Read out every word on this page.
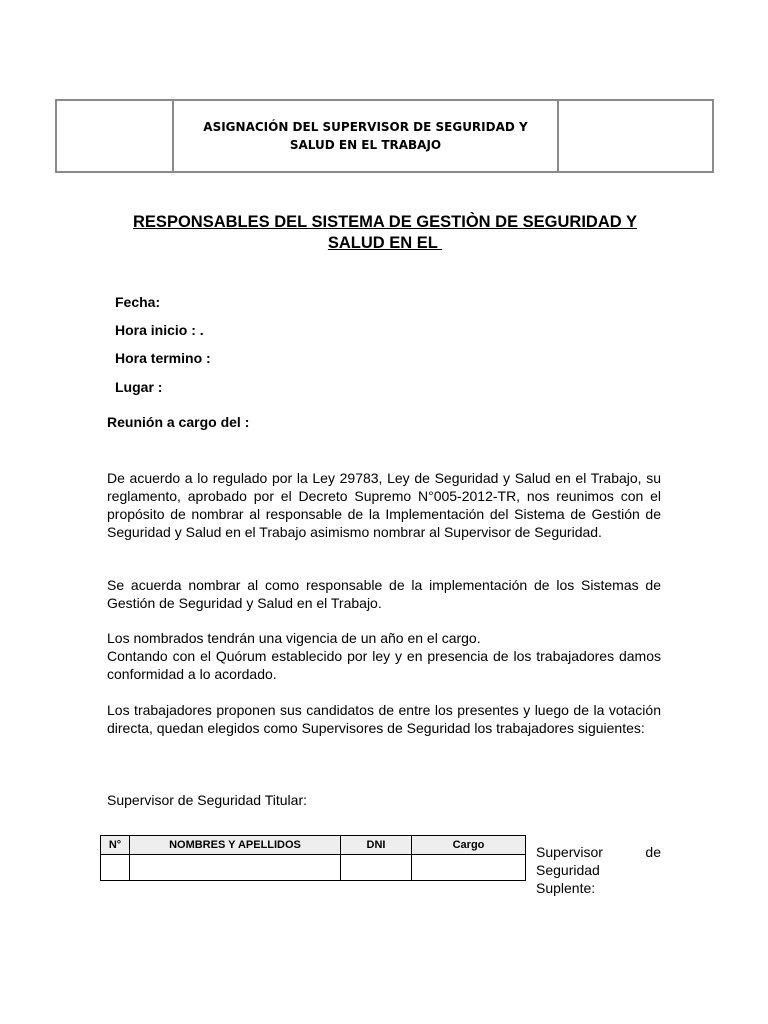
ASIGNACIÓN DEL SUPERVISOR DE SEGURIDAD Y
SALUD EN EL TRABAJO

RESPONSABLES DEL SISTEMA DE GESTIÒN DE SEGURIDAD Y
SALUD EN EL
Fecha:
Hora inicio : .
Hora termino :
Lugar :
Reunión a cargo del :
De acuerdo a lo regulado por la Ley 29783, Ley de Seguridad y Salud en el Trabajo, su reglamento, aprobado por el Decreto Supremo N°005-2012-TR, nos reunimos con el propósito de nombrar al responsable de la Implementación del Sistema de Gestión de Seguridad y Salud en el Trabajo asimismo nombrar al Supervisor de Seguridad.
Se acuerda nombrar al como responsable de la implementación de los Sistemas de Gestión de Seguridad y Salud en el Trabajo.
Los nombrados tendrán una vigencia de un año en el cargo.
Contando con el Quórum establecido por ley y en presencia de los trabajadores damos conformidad a lo acordado.
Los trabajadores proponen sus candidatos de entre los presentes y luego de la votación directa, quedan elegidos como Supervisores de Seguridad los trabajadores siguientes:
Supervisor de Seguridad Titular:
N°	NOMBRES Y APELLIDOS	DNI	Cargo
				Supervisor de Seguridad Suplente:
